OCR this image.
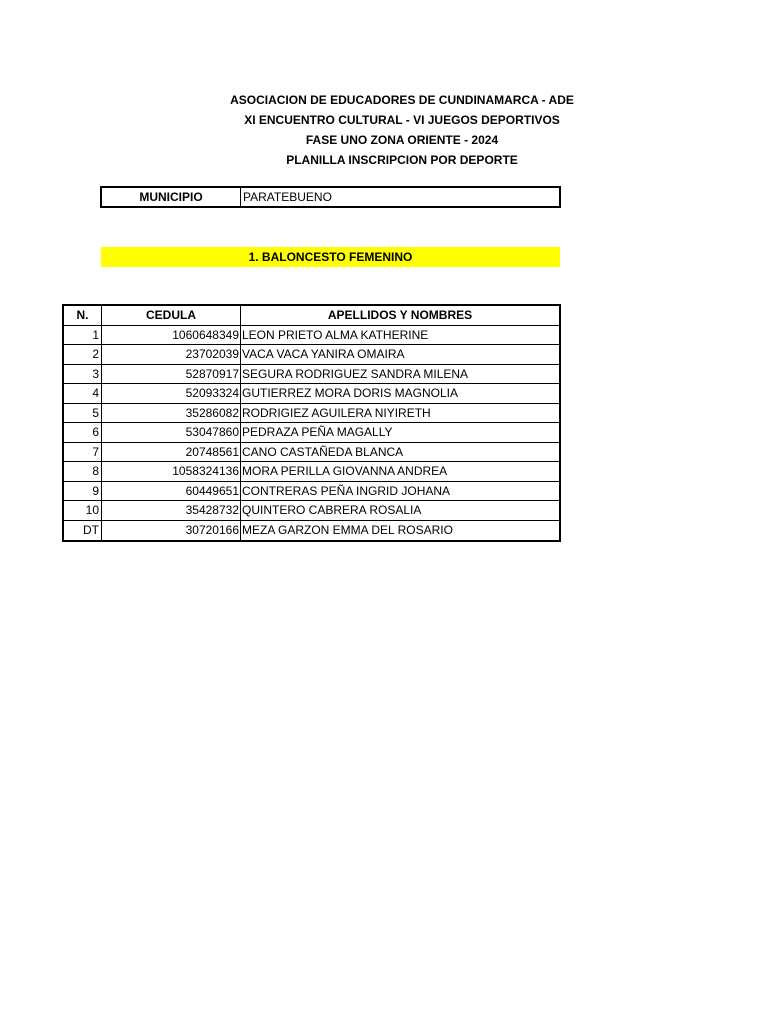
ASOCIACION DE EDUCADORES DE CUNDINAMARCA - ADE
XI ENCUENTRO CULTURAL - VI JUEGOS DEPORTIVOS
FASE UNO ZONA ORIENTE - 2024
PLANILLA INSCRIPCION POR DEPORTE
MUNICIPIO	PARATEBUENO
1. BALONCESTO FEMENINO
N.	CEDULA	APELLIDOS Y NOMBRES
1	1060648349 LEON PRIETO ALMA KATHERINE
2	23702039 VACA VACA YANIRA OMAIRA
3	52870917 SEGURA RODRIGUEZ SANDRA MILENA
4	52093324 GUTIERREZ MORA DORIS MAGNOLIA
5	35286082 RODRIGIEZ AGUILERA NIYIRETH
6	53047860 PEDRAZA PEÑA MAGALLY
7	20748561 CANO CASTAÑEDA BLANCA
8	1058324136 MORA PERILLA GIOVANNA ANDREA
9	60449651 CONTRERAS PEÑA INGRID JOHANA
10	35428732 QUINTERO CABRERA ROSALIA
DT	30720166 MEZA GARZON EMMA DEL ROSARIO
